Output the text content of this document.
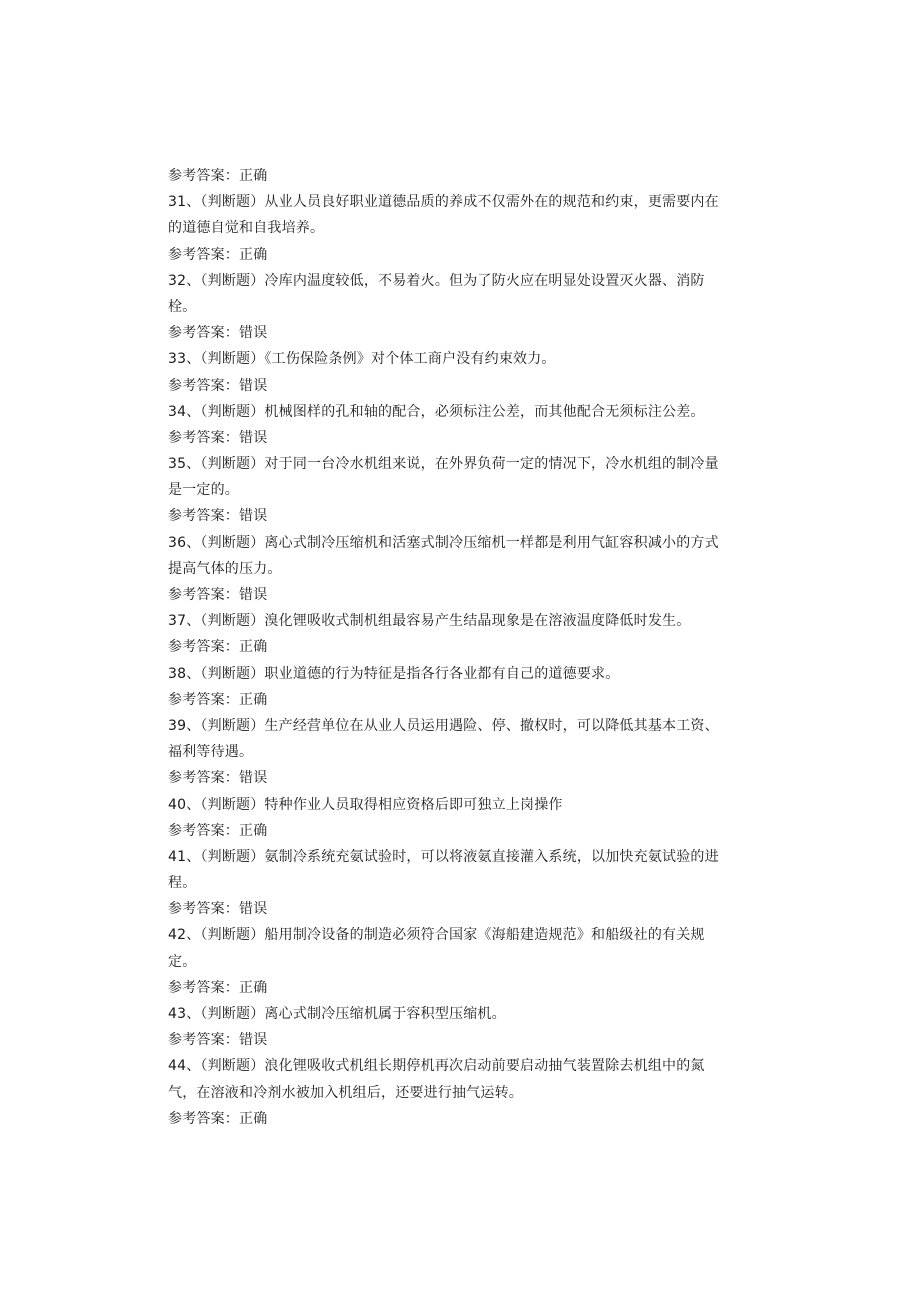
参考答案：正确
31、（判断题）从业人员良好职业道德品质的养成不仅需外在的规范和约束，更需要内在
的道德自觉和自我培养。
参考答案：正确
32、（判断题）冷库内温度较低，不易着火。但为了防火应在明显处设置灭火器、消防
栓。
参考答案：错误
33、（判断题）《工伤保险条例》对个体工商户没有约束效力。
参考答案：错误
34、（判断题）机械图样的孔和轴的配合，必须标注公差，而其他配合无须标注公差。
参考答案：错误
35、（判断题）对于同一台冷水机组来说，在外界负荷一定的情况下，冷水机组的制冷量
是一定的。
参考答案：错误
36、（判断题）离心式制冷压缩机和活塞式制冷压缩机一样都是利用气缸容积减小的方式
提高气体的压力。
参考答案：错误
37、（判断题）溴化锂吸收式制机组最容易产生结晶现象是在溶液温度降低时发生。
参考答案：正确
38、（判断题）职业道德的行为特征是指各行各业都有自己的道德要求。
参考答案：正确
39、（判断题）生产经营单位在从业人员运用遇险、停、撤权时，可以降低其基本工资、
福利等待遇。
参考答案：错误
40、（判断题）特种作业人员取得相应资格后即可独立上岗操作
参考答案：正确
41、（判断题）氨制冷系统充氨试验时，可以将液氨直接灌入系统，以加快充氨试验的进
程。
参考答案：错误
42、（判断题）船用制冷设备的制造必须符合国家《海船建造规范》和船级社的有关规
定。
参考答案：正确
43、（判断题）离心式制冷压缩机属于容积型压缩机。
参考答案：错误
44、（判断题）浪化锂吸收式机组长期停机再次启动前要启动抽气装置除去机组中的氮
气，在溶液和冷剂水被加入机组后，还要进行抽气运转。
参考答案：正确
